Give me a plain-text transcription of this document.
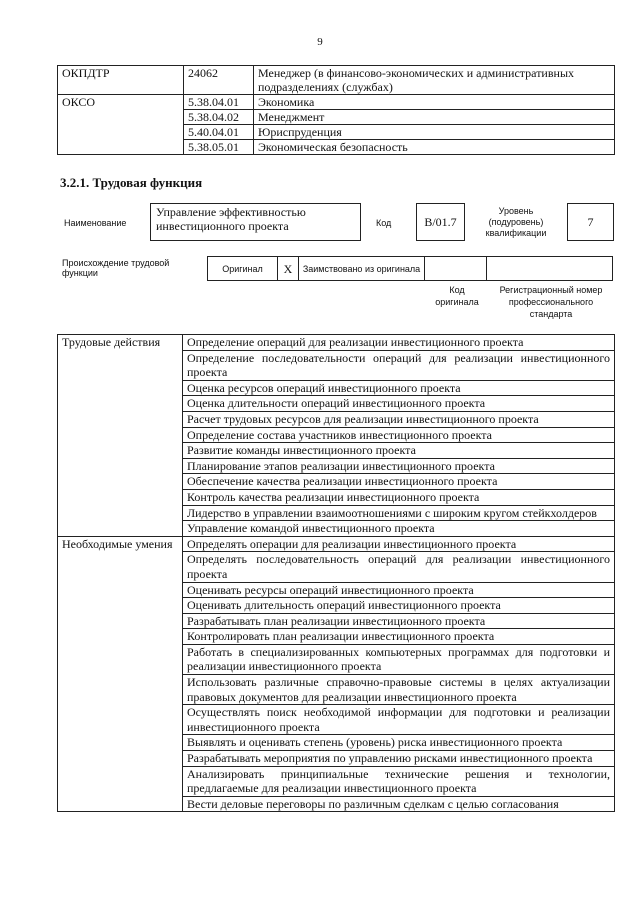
9
ОКПДТР	24062	Менеджер (в финансово-экономических и административных подразделениях (службах)
ОКСО	5.38.04.01	Экономика
	5.38.04.02	Менеджмент
	5.40.04.01	Юриспруденция
	5.38.05.01	Экономическая безопасность
3.2.1. Трудовая функция
Наименование
Управление эффективностью инвестиционного проекта	Код	B/01.7
Уровень (подуровень) квалификации
7
Происхождение трудовой функции	Оригинал	X	Заимствовано из оригинала
Код оригинала
Регистрационный номер профессионального стандарта
Трудовые действия	Определение операций для реализации инвестиционного проекта
	Определение последовательности операций для реализации инвестиционного проекта
	Оценка ресурсов операций инвестиционного проекта
	Оценка длительности операций инвестиционного проекта
	Расчет трудовых ресурсов для реализации инвестиционного проекта
	Определение состава участников инвестиционного проекта
	Развитие команды инвестиционного проекта
	Планирование этапов реализации инвестиционного проекта
	Обеспечение качества реализации инвестиционного проекта
	Контроль качества реализации инвестиционного проекта
	Лидерство в управлении взаимоотношениями с широким кругом стейкхолдеров
	Управление командой инвестиционного проекта
Необходимые умения	Определять операции для реализации инвестиционного проекта
	Определять последовательность операций для реализации инвестиционного проекта
	Оценивать ресурсы операций инвестиционного проекта
	Оценивать длительность операций инвестиционного проекта
	Разрабатывать план реализации инвестиционного проекта
	Контролировать план реализации инвестиционного проекта
	Работать в специализированных компьютерных программах для подготовки и реализации инвестиционного проекта
	Использовать различные справочно-правовые системы в целях актуализации правовых документов для реализации инвестиционного проекта
	Осуществлять поиск необходимой информации для подготовки и реализации инвестиционного проекта
	Выявлять и оценивать степень (уровень) риска инвестиционного проекта
	Разрабатывать мероприятия по управлению рисками инвестиционного проекта
	Анализировать принципиальные технические решения и технологии, предлагаемые для реализации инвестиционного проекта
	Вести деловые переговоры по различным сделкам с целью согласования
